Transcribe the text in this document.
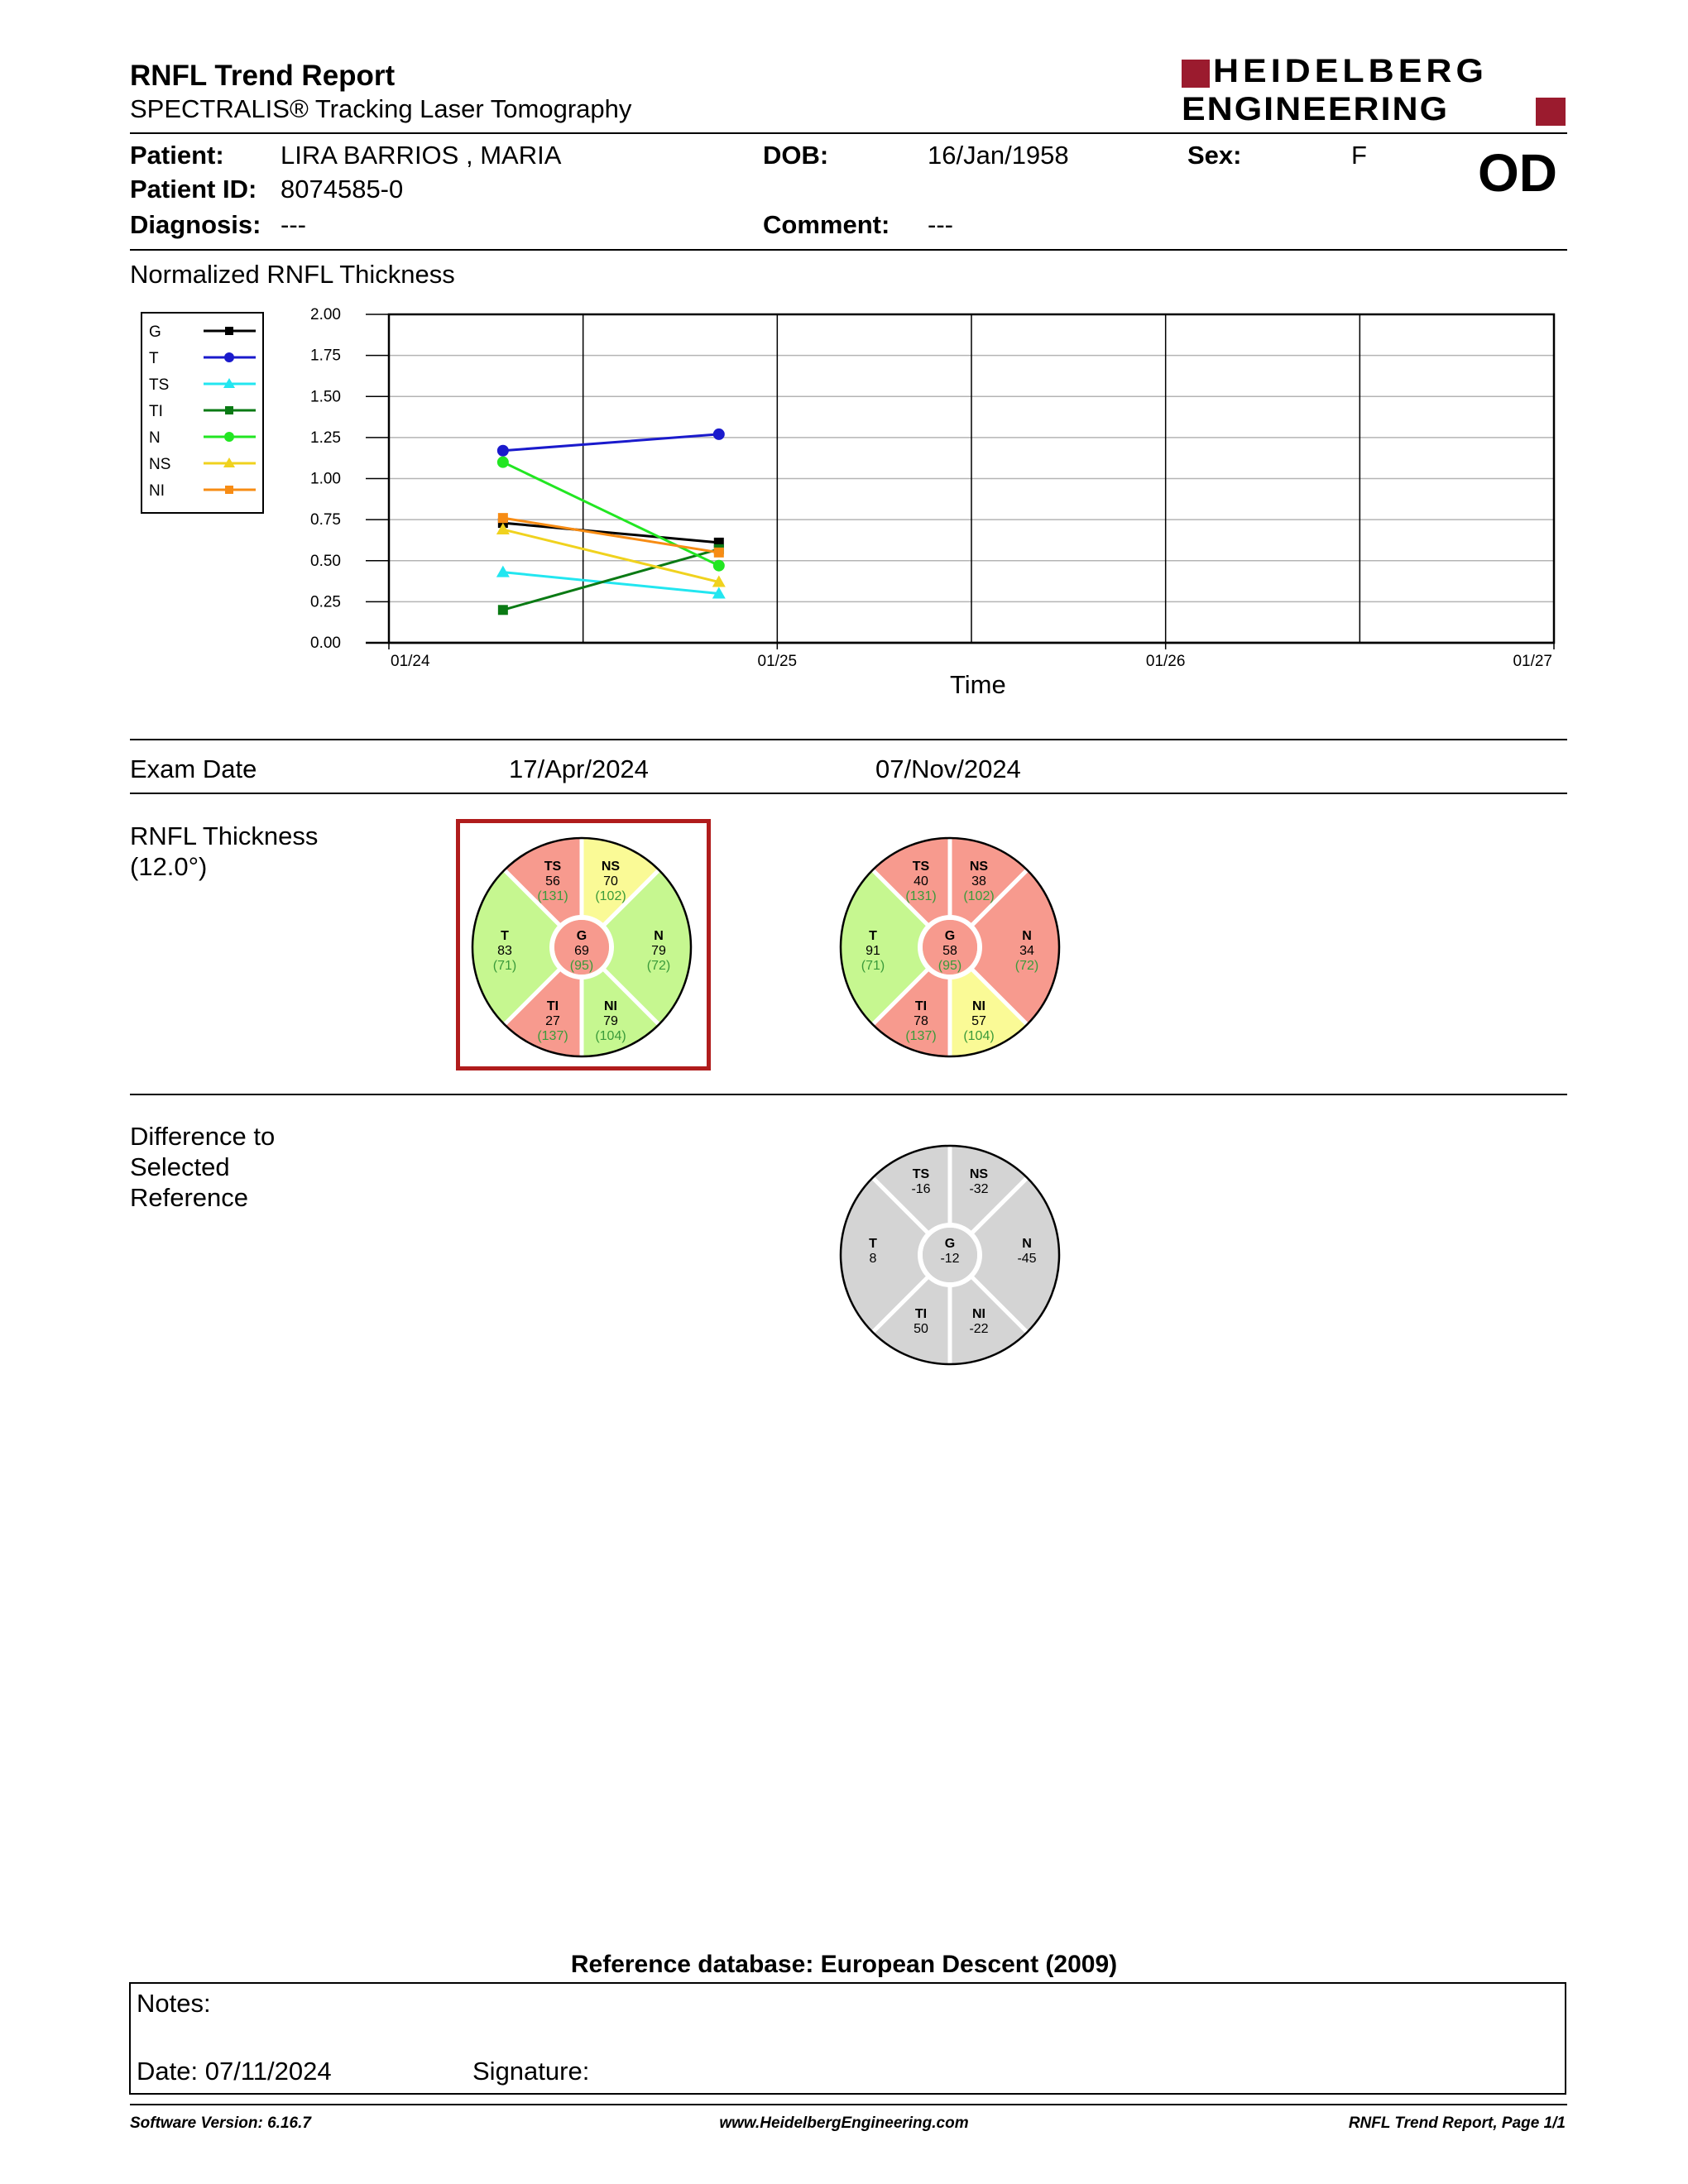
RNFL Trend Report
SPECTRALIS® Tracking Laser Tomography
HEIDELBERG
ENGINEERING
Patient: LIRA BARRIOS , MARIA
Patient ID: 8074585-0
Diagnosis: ---
DOB:	16/Jan/1958
Comment: ---
Sex:	F OD
Normalized RNFL Thickness
G
T
TS
TI
N
NS
NI
2.00
1.75
1.50
1.25
1.00
0.75
0.50
0.25
0.00
01/24	01/25	01/26	01/27
Time
Exam Date	17/Apr/2024	07/Nov/2024
RNFL Thickness
(12.0°)	TS
56
(131)
NS
70
(102)
T
83
(71)
G
69
(95)
N
79
(72)
TI
27
(137)
NI
79
(104)
TS
40
(131)
NS
38
(102)
T
91
(71)
G
58
(95)
N
34
(72)
TI
78
(137)
NI
57
(104)
Difference to
Selected
Reference
TS
-16
NS
-32
T
8
G
-12
N
-45
TI
50
NI
-22
Reference database: European Descent (2009)
Notes:
Date: 07/11/2024	Signature:
Software Version: 6.16.7	www.HeidelbergEngineering.com	RNFL Trend Report, Page 1/1
